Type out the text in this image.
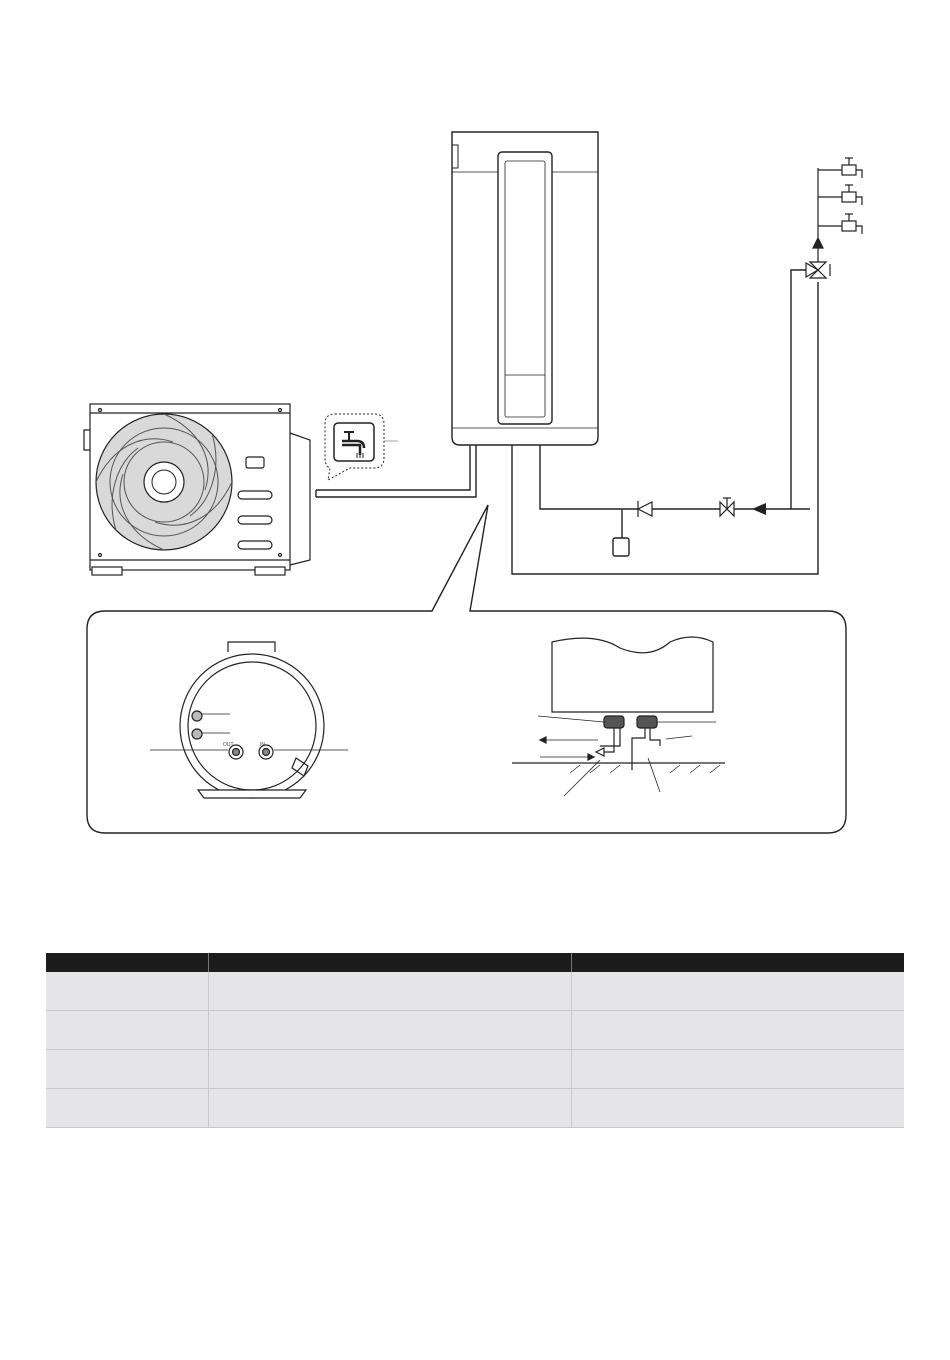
OUT	IN
